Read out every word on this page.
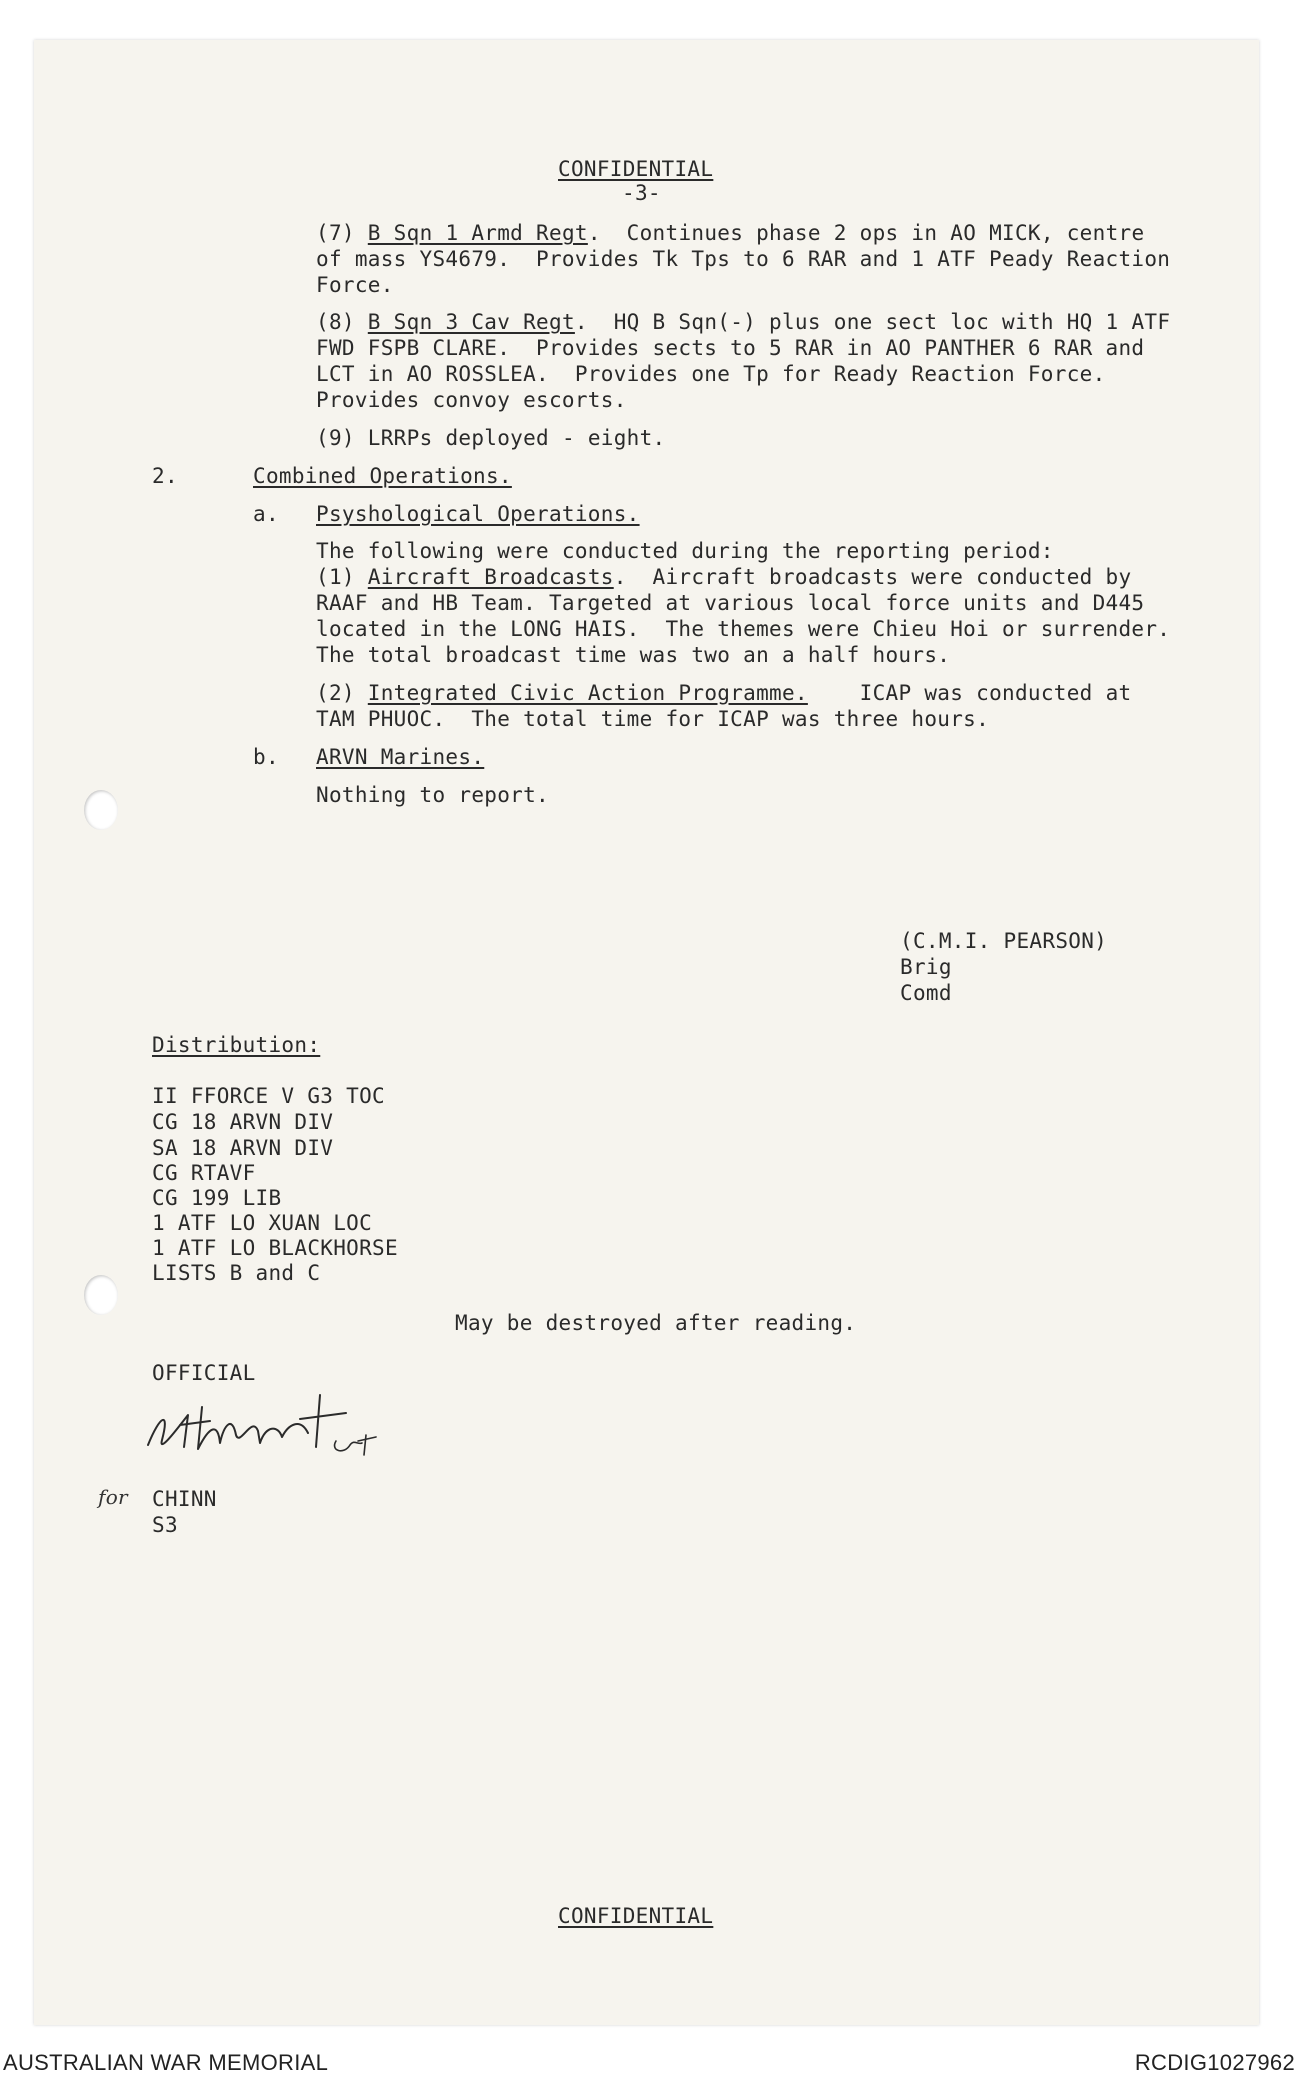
CONFIDENTIAL
-3-
(7) B Sqn 1 Armd Regt.  Continues phase 2 ops in AO MICK, centre
of mass YS4679.  Provides Tk Tps to 6 RAR and 1 ATF Peady Reaction
Force.
(8) B Sqn 3 Cav Regt.  HQ B Sqn(-) plus one sect loc with HQ 1 ATF
FWD FSPB CLARE.  Provides sects to 5 RAR in AO PANTHER 6 RAR and
LCT in AO ROSSLEA.  Provides one Tp for Ready Reaction Force.
Provides convoy escorts.
(9) LRRPs deployed - eight.
2.	Combined Operations.
a. Psyshological Operations.
The following were conducted during the reporting period:
(1) Aircraft Broadcasts.  Aircraft broadcasts were conducted by
RAAF and HB Team. Targeted at various local force units and D445
located in the LONG HAIS.  The themes were Chieu Hoi or surrender.
The total broadcast time was two an a half hours.
(2) Integrated Civic Action Programme.    ICAP was conducted at
TAM PHUOC.  The total time for ICAP was three hours.
b. ARVN Marines.
Nothing to report.
(C.M.I. PEARSON)
Brig
Comd
Distribution:
II FFORCE V G3 TOC
CG 18 ARVN DIV
SA 18 ARVN DIV
CG RTAVF
CG 199 LIB
1 ATF LO XUAN LOC
1 ATF LO BLACKHORSE
LISTS B and C
May be destroyed after reading.
OFFICIAL
for CHINN
S3
CONFIDENTIAL
AUSTRALIAN WAR MEMORIAL	RCDIG1027962
